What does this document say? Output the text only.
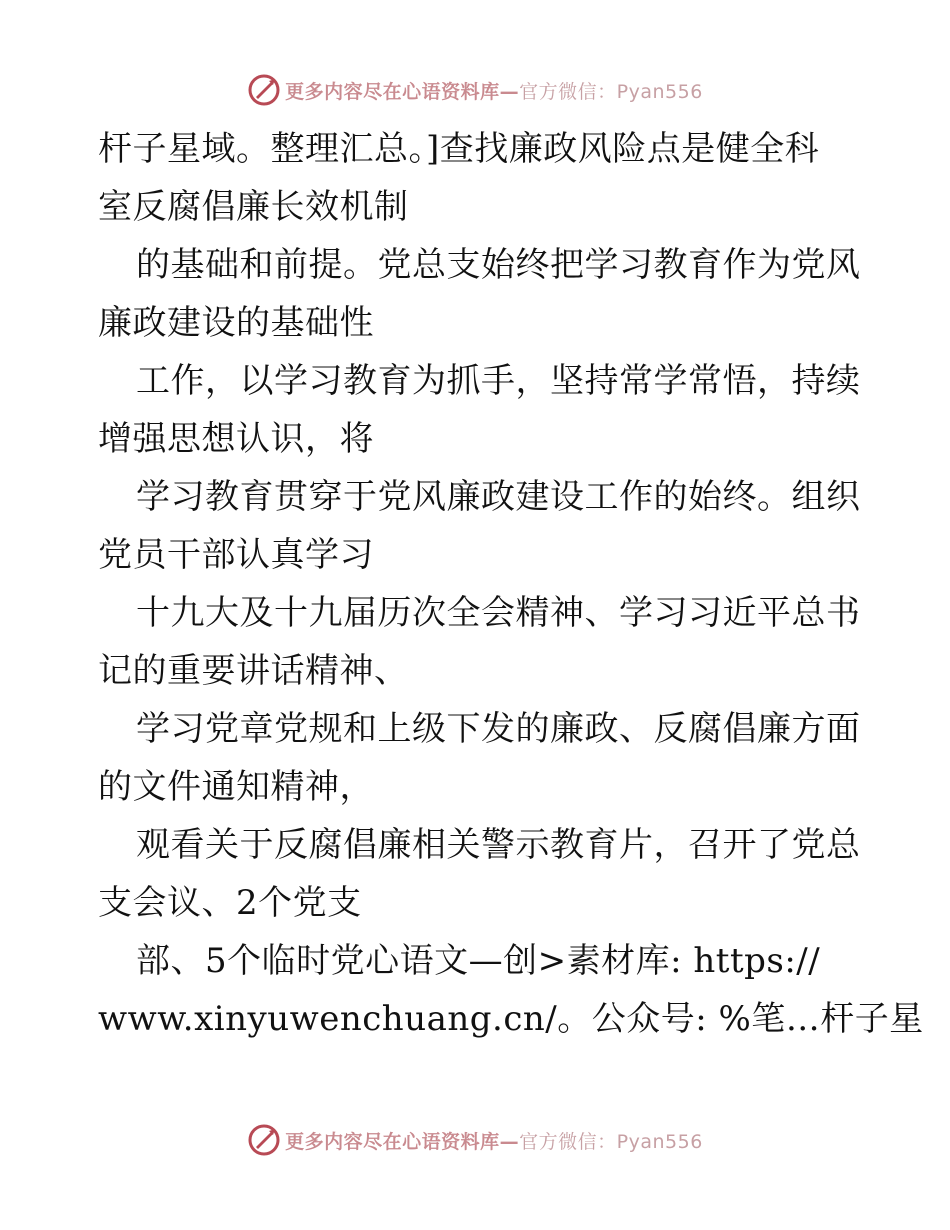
更多内容尽在心语资料库—官方微信：Pyan556
杆子星域。整理汇总。]查找廉政风险点是健全科
室反腐倡廉长效机制
的基础和前提。党总支始终把学习教育作为党风
廉政建设的基础性
工作，以学习教育为抓手，坚持常学常悟，持续
增强思想认识，将
学习教育贯穿于党风廉政建设工作的始终。组织
党员干部认真学习
十九大及十九届历次全会精神、学习习近平总书
记的重要讲话精神、
学习党章党规和上级下发的廉政、反腐倡廉方面
的文件通知精神，
观看关于反腐倡廉相关警示教育片，召开了党总
支会议、2个党支
部、5个临时党心语文—创>素材库: https://
www.xinyuwenchuang.cn/。公众号: %笔…杆子星
更多内容尽在心语资料库—官方微信：Pyan556
